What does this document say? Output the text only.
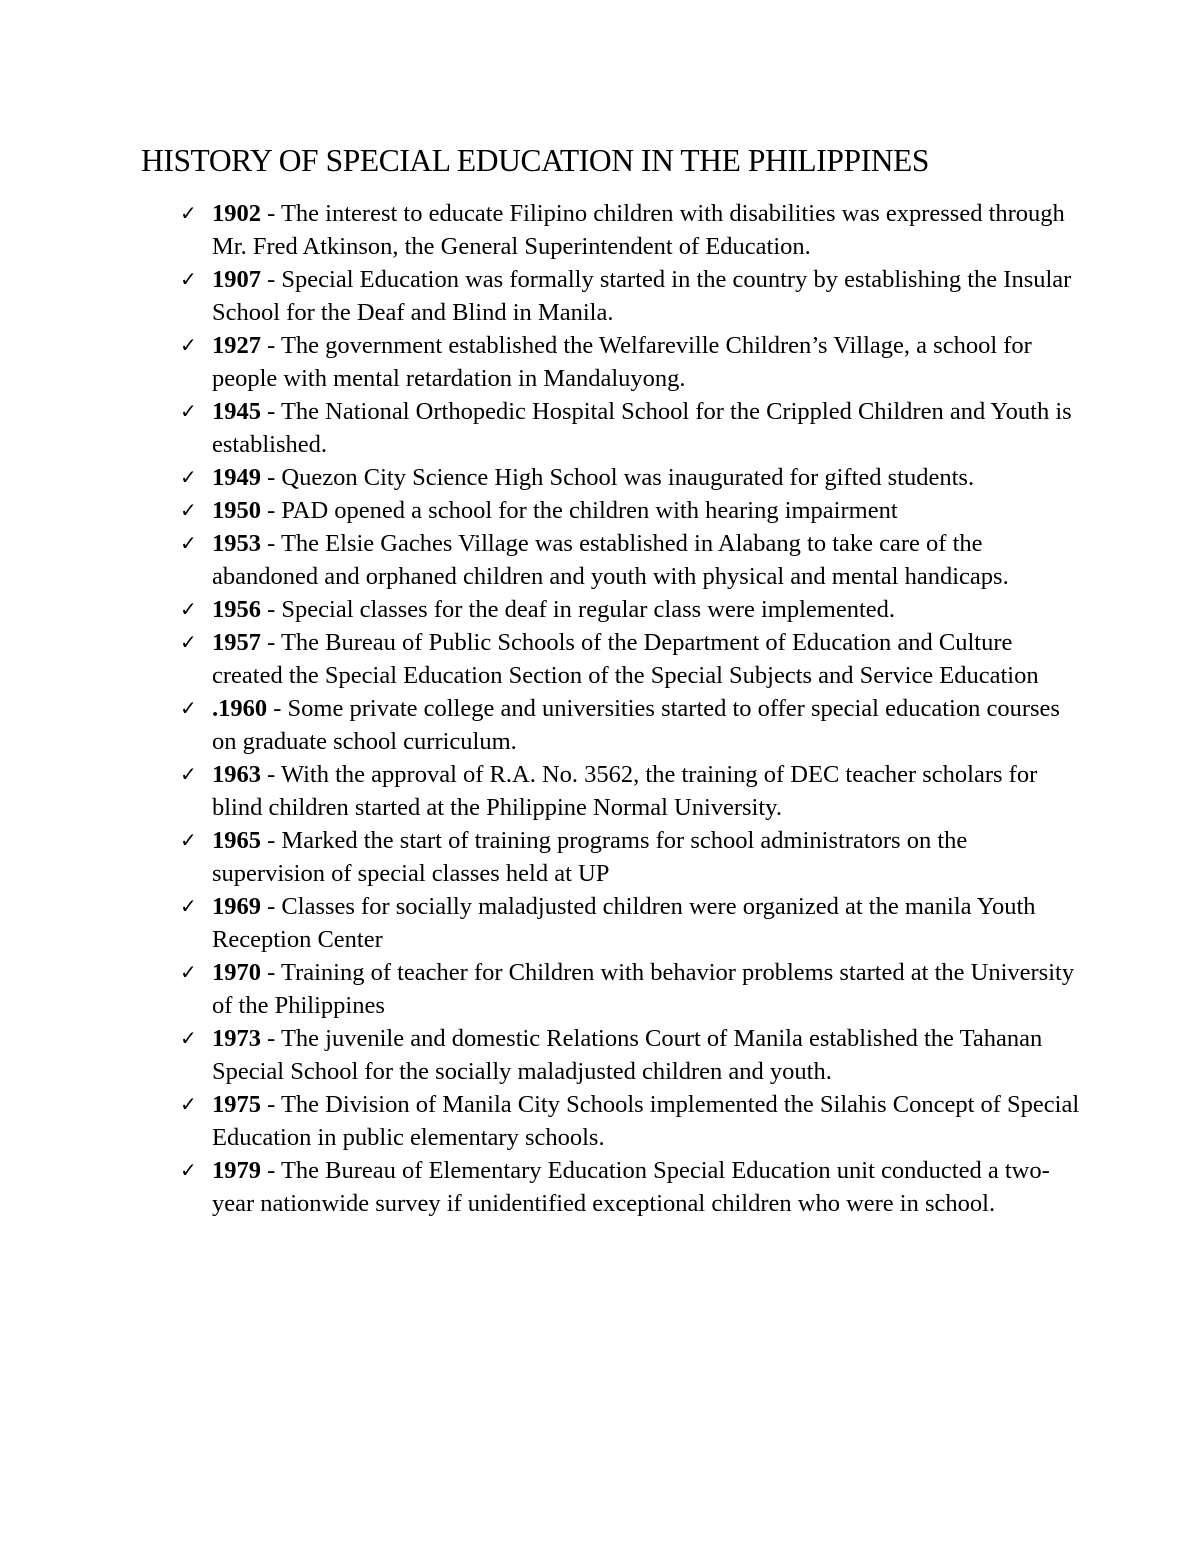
HISTORY OF SPECIAL EDUCATION IN THE PHILIPPINES
✓ 1902 - The interest to educate Filipino children with disabilities was expressed through Mr. Fred Atkinson, the General Superintendent of Education.
✓ 1907 - Special Education was formally started in the country by establishing the Insular School for the Deaf and Blind in Manila.
✓ 1927 - The government established the Welfareville Children’s Village, a school for people with mental retardation in Mandaluyong.
✓ 1945 - The National Orthopedic Hospital School for the Crippled Children and Youth is established.
✓ 1949 - Quezon City Science High School was inaugurated for gifted students.
✓ 1950 - PAD opened a school for the children with hearing impairment
✓ 1953 - The Elsie Gaches Village was established in Alabang to take care of the abandoned and orphaned children and youth with physical and mental handicaps.
✓ 1956 - Special classes for the deaf in regular class were implemented.
✓ 1957 - The Bureau of Public Schools of the Department of Education and Culture created the Special Education Section of the Special Subjects and Service Education
✓ .1960 - Some private college and universities started to offer special education courses on graduate school curriculum.
✓ 1963 - With the approval of R.A. No. 3562, the training of DEC teacher scholars for blind children started at the Philippine Normal University.
✓ 1965 - Marked the start of training programs for school administrators on the supervision of special classes held at UP
✓ 1969 - Classes for socially maladjusted children were organized at the manila Youth Reception Center
✓ 1970 - Training of teacher for Children with behavior problems started at the University of the Philippines
✓ 1973 - The juvenile and domestic Relations Court of Manila established the Tahanan Special School for the socially maladjusted children and youth.
✓ 1975 - The Division of Manila City Schools implemented the Silahis Concept of Special Education in public elementary schools.
✓ 1979 - The Bureau of Elementary Education Special Education unit conducted a two-year nationwide survey if unidentified exceptional children who were in school.
